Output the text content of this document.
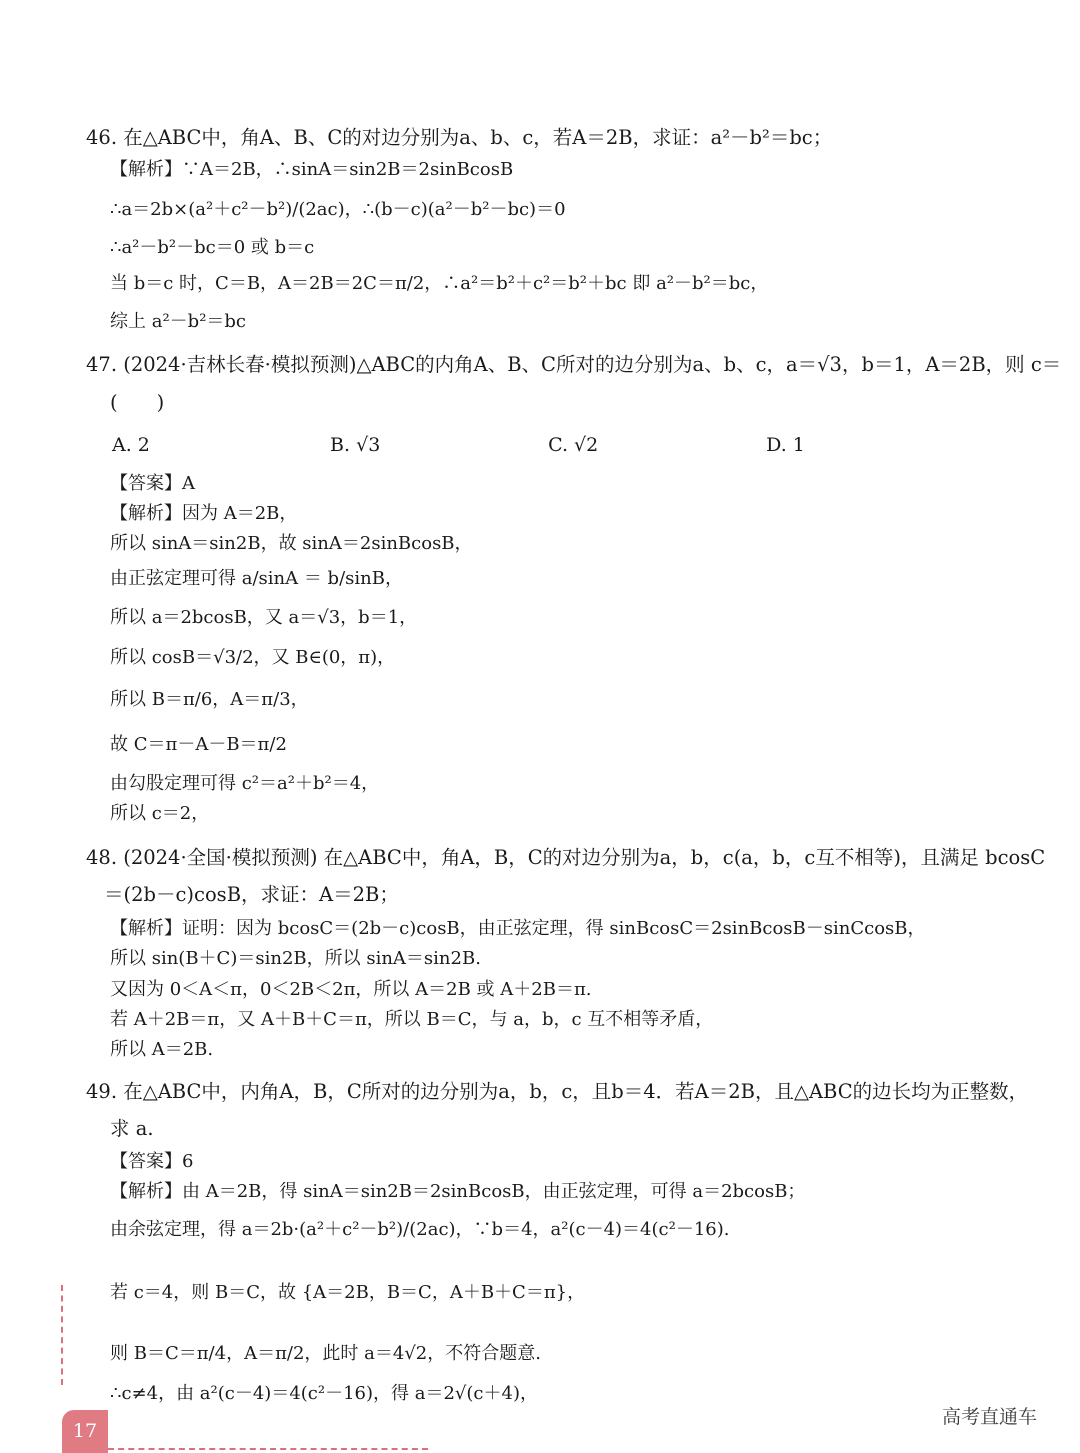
46. 在△ABC中，角A、B、C的对边分别为a、b、c，若A＝2B，求证：a²－b²＝bc；
【解析】∵A＝2B，∴sinA＝sin2B＝2sinBcosB
∴a＝2b×(a²＋c²－b²)/(2ac)，∴(b－c)(a²－b²－bc)＝0
∴a²－b²－bc＝0 或 b＝c
当 b＝c 时，C＝B，A＝2B＝2C＝π/2，∴a²＝b²＋c²＝b²＋bc 即 a²－b²＝bc，
综上 a²－b²＝bc
47. (2024·吉林长春·模拟预测)△ABC的内角A、B、C所对的边分别为a、b、c，a＝√3，b＝1，A＝2B，则 c＝
(　　)
【答案】A
【解析】因为 A＝2B，
所以 sinA＝sin2B，故 sinA＝2sinBcosB，
由正弦定理可得 a/sinA ＝ b/sinB，
所以 a＝2bcosB，又 a＝√3，b＝1，
所以 cosB＝√3/2，又 B∈(0，π)，
所以 B＝π/6，A＝π/3，
故 C＝π－A－B＝π/2
由勾股定理可得 c²＝a²＋b²＝4，
所以 c＝2，
48. (2024·全国·模拟预测) 在△ABC中，角A，B，C的对边分别为a，b，c(a，b，c互不相等)，且满足 bcosC
＝(2b－c)cosB，求证：A＝2B；
【解析】证明：因为 bcosC＝(2b－c)cosB，由正弦定理，得 sinBcosC＝2sinBcosB－sinCcosB，
所以 sin(B＋C)＝sin2B，所以 sinA＝sin2B.
又因为 0＜A＜π，0＜2B＜2π，所以 A＝2B 或 A＋2B＝π.
若 A＋2B＝π，又 A＋B＋C＝π，所以 B＝C，与 a，b，c 互不相等矛盾，
所以 A＝2B.
49. 在△ABC中，内角A，B，C所对的边分别为a，b，c，且b＝4．若A＝2B，且△ABC的边长均为正整数，
求 a.
【答案】6
【解析】由 A＝2B，得 sinA＝sin2B＝2sinBcosB，由正弦定理，可得 a＝2bcosB；
由余弦定理，得 a＝2b·(a²＋c²－b²)/(2ac)，∵b＝4，a²(c－4)＝4(c²－16).
若 c＝4，则 B＝C，故 {A＝2B，B＝C，A＋B＋C＝π}，
则 B＝C＝π/4，A＝π/2，此时 a＝4√2，不符合题意.
∴c≠4，由 a²(c－4)＝4(c²－16)，得 a＝2√(c＋4)，
A. 2	B. √3	C. √2	D. 1
17
高考直通车
